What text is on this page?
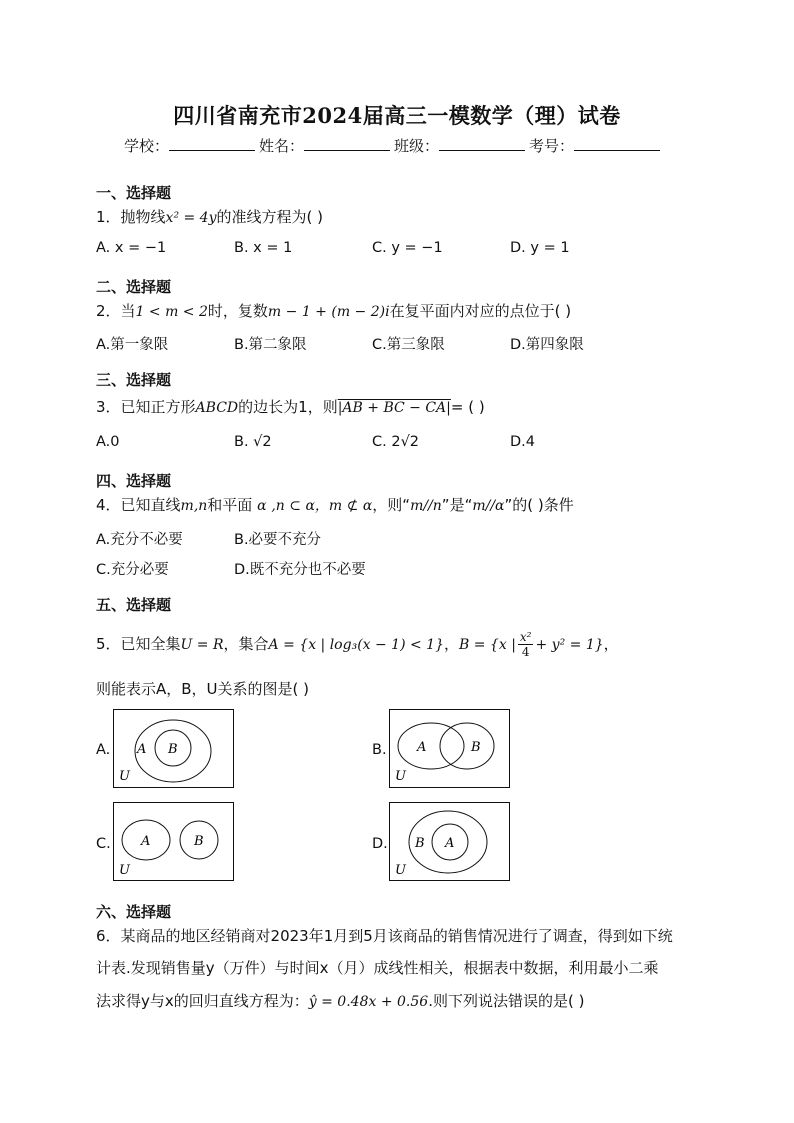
四川省南充市2024届高三一模数学（理）试卷
学校：	姓名：	班级：	考号：
一、选择题
1．抛物线x² = 4y的准线方程为( )
A. x = −1	B. x = 1	C. y = −1	D. y = 1
二、选择题
2．当1 < m < 2时，复数m − 1 + (m − 2)i在复平面内对应的点位于( )
A.第一象限	B.第二象限	C.第三象限	D.第四象限
三、选择题
3．已知正方形ABCD的边长为1，则|AB + BC − CA|= ( )
A.0	B. √2	C. 2√2	D.4
四、选择题
4．已知直线m,n和平面 α ,n ⊂ α，m ⊄ α，则“m//n”是“m//α”的( )条件
A.充分不必要	B.必要不充分
C.充分必要	D.既不充分也不必要
五、选择题
5．已知全集U = R，集合A = {x | log₃(x − 1) < 1}，B = {x | $\frac{\text{x²}}{4} + y^2 = 1$}，
则能表示A，B，U关系的图是( )
A. A B
U
B. A	B
U
C. A	B
U
D. B A
U
六、选择题
6．某商品的地区经销商对2023年1月到5月该商品的销售情况进行了调查，得到如下统
计表.发现销售量y（万件）与时间x（月）成线性相关，根据表中数据，利用最小二乘
法求得y与x的回归直线方程为：ŷ = 0.48x + 0.56.则下列说法错误的是( )
